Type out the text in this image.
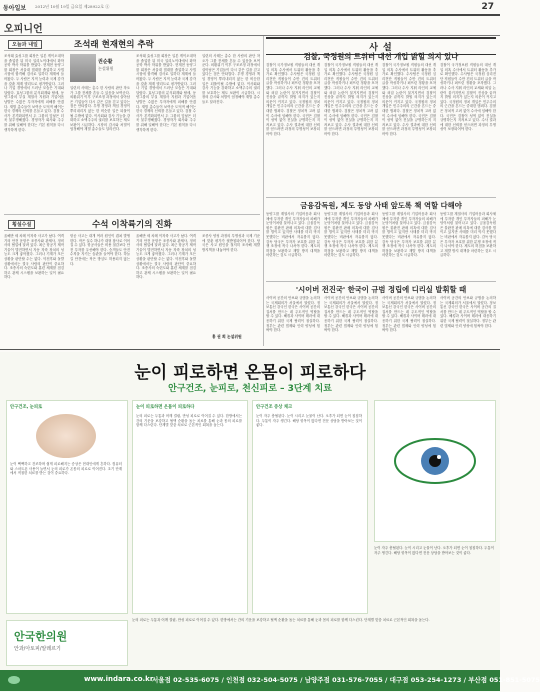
동아일보 2012년 10월 19일 금요일 제28922호 ⓐ	27
오피니언
오늘과 내일	조석래 현재현의 추락
조석래 효성그룹 회장은 일본 게이오대학을 졸업한 뒤 미국 일리노이대에서 화학공학 박사 학위를 받았다. 현재현 동양그룹 회장은 서울대 법대를 졸업하고 사법시험에 합격해 검사로 일하다 재계에 들어왔다. 두 사람은 지적 능력과 국제 감각을 갖춘 재계 엘리트로 평가받았다. 그러나 기업 경영에서 드러난 모습은 기대와 달랐다. 효성그룹의 분식회계와 탈세, 동양그룹의 부실 계열사 지원과 기업어음 남발은 수많은 투자자에게 피해를 안겼다. 재벌 총수들이 보여준 도덕적 해이는 한국 경제의 신뢰를 흔들고 있다. 검찰 수사가 본격화되면서 두 그룹의 앞날은 더욱 불투명해졌다. 경영자가 회사와 주주를 위해 일해야 한다는 기본 원칙을 다시 생각하게 한다.
권순활
논설위원
일련의 사태는 총수 한 사람의 판단 착오가 그룹 전체를 흔들 수 있음을 보여준다. 외환위기 이후 구조조정 과정에서 살아남은 기업들이 다시 같은 길을 걷고 있다는 점은 안타깝다. 투명 경영과 책임 경영이 뿌리내리지 않는 한 비슷한 일은 되풀이될 수밖에 없다. 이사회와 감사 기능을 강화하고 소액주주의 권리를 보호하는 제도 보완이 시급하다. 시장의 감시와 처벌이 엄정해야 재벌 총수들도 달라진다.
조석래 효성그룹 회장은 일본 게이오대학을 졸업한 뒤 미국 일리노이대에서 화학공학 박사 학위를 받았다. 현재현 동양그룹 회장은 서울대 법대를 졸업하고 사법시험에 합격해 검사로 일하다 재계에 들어왔다. 두 사람은 지적 능력과 국제 감각을 갖춘 재계 엘리트로 평가받았다. 그러나 기업 경영에서 드러난 모습은 기대와 달랐다. 효성그룹의 분식회계와 탈세, 동양그룹의 부실 계열사 지원과 기업어음 남발은 수많은 투자자에게 피해를 안겼다. 재벌 총수들이 보여준 도덕적 해이는 한국 경제의 신뢰를 흔들고 있다. 검찰 수사가 본격화되면서 두 그룹의 앞날은 더욱 불투명해졌다. 경영자가 회사와 주주를 위해 일해야 한다는 기본 원칙을 다시 생각하게 한다.
일련의 사태는 총수 한 사람의 판단 착오가 그룹 전체를 흔들 수 있음을 보여준다. 외환위기 이후 구조조정 과정에서 살아남은 기업들이 다시 같은 길을 걷고 있다는 점은 안타깝다. 투명 경영과 책임 경영이 뿌리내리지 않는 한 비슷한 일은 되풀이될 수밖에 없다. 이사회와 감사 기능을 강화하고 소액주주의 권리를 보호하는 제도 보완이 시급하다. 시장의 감시와 처벌이 엄정해야 재벌 총수들도 달라진다.
횡설수설	수석 이착륙기의 진화
올해만 세 차례 이착륙 사고가 났다. 여객기의 안전 운항은 조종사와 관제사, 정비사의 협업에 달려 있다. 최근 항공기 제작 기술이 발전하면서 자동 착륙 장치의 성능도 크게 좋아졌다. 그러나 기계가 모든 상황을 판단할 수는 없다. 악천후와 돌발 상황에서는 결국 사람의 판단이 중요하다. 조종사의 숙련도와 훈련 체계를 점검하고 관제 시스템을 보완하는 일이 필요하다.
항공 사고는 대개 여러 원인이 겹쳐 발생한다. 작은 실수 하나가 대형 참사로 이어질 수 있다. 항공사들은 비용 절감보다 안전 투자를 우선해야 한다. 승객들도 안전 수칙을 지키는 습관을 들여야 한다. 하늘길 안전에는 작은 방심도 허용되지 않는다.
올해만 세 차례 이착륙 사고가 났다. 여객기의 안전 운항은 조종사와 관제사, 정비사의 협업에 달려 있다. 최근 항공기 제작 기술이 발전하면서 자동 착륙 장치의 성능도 크게 좋아졌다. 그러나 기계가 모든 상황을 판단할 수는 없다. 악천후와 돌발 상황에서는 결국 사람의 판단이 중요하다. 조종사의 숙련도와 훈련 체계를 점검하고 관제 시스템을 보완하는 일이 필요하다.
조종사 양성 과정의 투명성과 국제 기준에 맞춘 평가가 뒷받침되어야 한다. 당국은 사고 원인을 철저히 조사해 재발 방지책을 내놓아야 한다.
홍 권 희 논설위원
사 설
검찰, 국정원의 트위터 대선 개입 밝힐 의지 있나
검찰이 국가정보원 직원들의 대선 개입 의혹 수사에서 트위터 활동을 추가로 확인했다. 수사팀은 국정원 심리전단 직원들이 수만 건의 트위터 글을 작성하거나 퍼뜨린 정황을 포착했다. 그러나 수사 지휘 라인의 교체와 외압 논란이 불거지면서 검찰이 진상을 끝까지 밝힐 의지가 있는지 의문이 커지고 있다. 국정원의 정치 개입은 민주주의의 근간을 흔드는 중대한 범죄다. 검찰은 정치적 고려 없이 수사에 임해야 한다. 국민은 검찰이 성역 없이 진실을 규명하는지 지켜보고 있다. 수사 결과에 대한 신뢰를 얻으려면 과정의 투명성이 보장되어야 한다.
검찰이 국가정보원 직원들의 대선 개입 의혹 수사에서 트위터 활동을 추가로 확인했다. 수사팀은 국정원 심리전단 직원들이 수만 건의 트위터 글을 작성하거나 퍼뜨린 정황을 포착했다. 그러나 수사 지휘 라인의 교체와 외압 논란이 불거지면서 검찰이 진상을 끝까지 밝힐 의지가 있는지 의문이 커지고 있다. 국정원의 정치 개입은 민주주의의 근간을 흔드는 중대한 범죄다. 검찰은 정치적 고려 없이 수사에 임해야 한다. 국민은 검찰이 성역 없이 진실을 규명하는지 지켜보고 있다. 수사 결과에 대한 신뢰를 얻으려면 과정의 투명성이 보장되어야 한다.
검찰이 국가정보원 직원들의 대선 개입 의혹 수사에서 트위터 활동을 추가로 확인했다. 수사팀은 국정원 심리전단 직원들이 수만 건의 트위터 글을 작성하거나 퍼뜨린 정황을 포착했다. 그러나 수사 지휘 라인의 교체와 외압 논란이 불거지면서 검찰이 진상을 끝까지 밝힐 의지가 있는지 의문이 커지고 있다. 국정원의 정치 개입은 민주주의의 근간을 흔드는 중대한 범죄다. 검찰은 정치적 고려 없이 수사에 임해야 한다. 국민은 검찰이 성역 없이 진실을 규명하는지 지켜보고 있다. 수사 결과에 대한 신뢰를 얻으려면 과정의 투명성이 보장되어야 한다.
검찰이 국가정보원 직원들의 대선 개입 의혹 수사에서 트위터 활동을 추가로 확인했다. 수사팀은 국정원 심리전단 직원들이 수만 건의 트위터 글을 작성하거나 퍼뜨린 정황을 포착했다. 그러나 수사 지휘 라인의 교체와 외압 논란이 불거지면서 검찰이 진상을 끝까지 밝힐 의지가 있는지 의문이 커지고 있다. 국정원의 정치 개입은 민주주의의 근간을 흔드는 중대한 범죄다. 검찰은 정치적 고려 없이 수사에 임해야 한다. 국민은 검찰이 성역 없이 진실을 규명하는지 지켜보고 있다. 수사 결과에 대한 신뢰를 얻으려면 과정의 투명성이 보장되어야 한다.
금융감독원, 제도 동양 사태 앞도록 책 역할 다해야
동양그룹 계열사의 기업어음과 회사채에 투자한 개인 투자자들의 피해가 눈덩이처럼 불어나고 있다. 금융감독원은 불완전 판매 의혹에 대한 검사를 벌이고 있지만 사태를 미리 막지 못했다는 비판에서 자유롭지 않다. 감독 당국은 투자자 보호를 위한 분쟁 조정에 적극 나서야 한다. 제도의 허점을 보완하고 재발 방지 대책을 마련하는 것도 시급하다.
동양그룹 계열사의 기업어음과 회사채에 투자한 개인 투자자들의 피해가 눈덩이처럼 불어나고 있다. 금융감독원은 불완전 판매 의혹에 대한 검사를 벌이고 있지만 사태를 미리 막지 못했다는 비판에서 자유롭지 않다. 감독 당국은 투자자 보호를 위한 분쟁 조정에 적극 나서야 한다. 제도의 허점을 보완하고 재발 방지 대책을 마련하는 것도 시급하다.
동양그룹 계열사의 기업어음과 회사채에 투자한 개인 투자자들의 피해가 눈덩이처럼 불어나고 있다. 금융감독원은 불완전 판매 의혹에 대한 검사를 벌이고 있지만 사태를 미리 막지 못했다는 비판에서 자유롭지 않다. 감독 당국은 투자자 보호를 위한 분쟁 조정에 적극 나서야 한다. 제도의 허점을 보완하고 재발 방지 대책을 마련하는 것도 시급하다.
동양그룹 계열사의 기업어음과 회사채에 투자한 개인 투자자들의 피해가 눈덩이처럼 불어나고 있다. 금융감독원은 불완전 판매 의혹에 대한 검사를 벌이고 있지만 사태를 미리 막지 못했다는 비판에서 자유롭지 않다. 감독 당국은 투자자 보호를 위한 분쟁 조정에 적극 나서야 한다. 제도의 허점을 보완하고 재발 방지 대책을 마련하는 것도 시급하다.
'시이버 전진국' 한국이 규범 정립에 디리실 발휘할 때
사이버 공간의 안보와 규범을 논의하는 국제회의가 서울에서 열렸다. 정보통신 강국인 한국은 사이버 공간의 질서를 만드는 데 주도적인 역할을 할 수 있다. 해킹과 사이버 테러에 대응하기 위한 국제 협력이 절실하다. 정부는 관련 법제와 인력 양성에 힘써야 한다.
사이버 공간의 안보와 규범을 논의하는 국제회의가 서울에서 열렸다. 정보통신 강국인 한국은 사이버 공간의 질서를 만드는 데 주도적인 역할을 할 수 있다. 해킹과 사이버 테러에 대응하기 위한 국제 협력이 절실하다. 정부는 관련 법제와 인력 양성에 힘써야 한다.
사이버 공간의 안보와 규범을 논의하는 국제회의가 서울에서 열렸다. 정보통신 강국인 한국은 사이버 공간의 질서를 만드는 데 주도적인 역할을 할 수 있다. 해킹과 사이버 테러에 대응하기 위한 국제 협력이 절실하다. 정부는 관련 법제와 인력 양성에 힘써야 한다.
사이버 공간의 안보와 규범을 논의하는 국제회의가 서울에서 열렸다. 정보통신 강국인 한국은 사이버 공간의 질서를 만드는 데 주도적인 역할을 할 수 있다. 해킹과 사이버 테러에 대응하기 위한 국제 협력이 절실하다. 정부는 관련 법제와 인력 양성에 힘써야 한다.
눈이 피로하면 온몸이 피로하다
안구건조, 눈피로, 천신피로 – 3단계 치료
안구건조, 눈피로
눈이 뻑뻑하고 건조하며 쉽게 피로해지는 증상은 현대인에게 흔하다. 컴퓨터와 스마트폰 사용이 늘면서 눈의 피로가 온몸의 피로로 이어진다. 초기 단계에서 적절한 치료를 받는 것이 중요하다.
눈이 피로하면 온몸이 피로하다
눈의 피로는 두통과 어깨 결림, 만성 피로로 이어질 수 있다. 한방에서는 간의 기운을 보강하고 혈액 순환을 돕는 치료를 통해 눈과 몸의 피로를 함께 다스린다. 단계별 맞춤 치료로 근본적인 회복을 돕는다.
안구건조 증상 체크
눈이 자주 충혈된다. 눈이 시리고 눈물이 난다. 오후가 되면 눈이 침침하다. 두통이 자주 생긴다. 해당 항목이 많다면 전문 상담을 받아보는 것이 좋다.
눈이 자주 충혈된다. 눈이 시리고 눈물이 난다. 오후가 되면 눈이 침침하다. 두통이 자주 생긴다. 해당 항목이 많다면 전문 상담을 받아보는 것이 좋다.
안국한의원
안과/아토피/알레르기
눈의 피로는 두통과 어깨 결림, 만성 피로로 이어질 수 있다. 한방에서는 간의 기운을 보강하고 혈액 순환을 돕는 치료를 통해 눈과 몸의 피로를 함께 다스린다. 단계별 맞춤 치료로 근본적인 회복을 돕는다.
www.indara.co.kr
서울점 02-535-6075 / 인천점 032-504-5075 / 남양주점 031-576-7055 / 대구점 053-254-1273 / 부산점 051-851-5075
